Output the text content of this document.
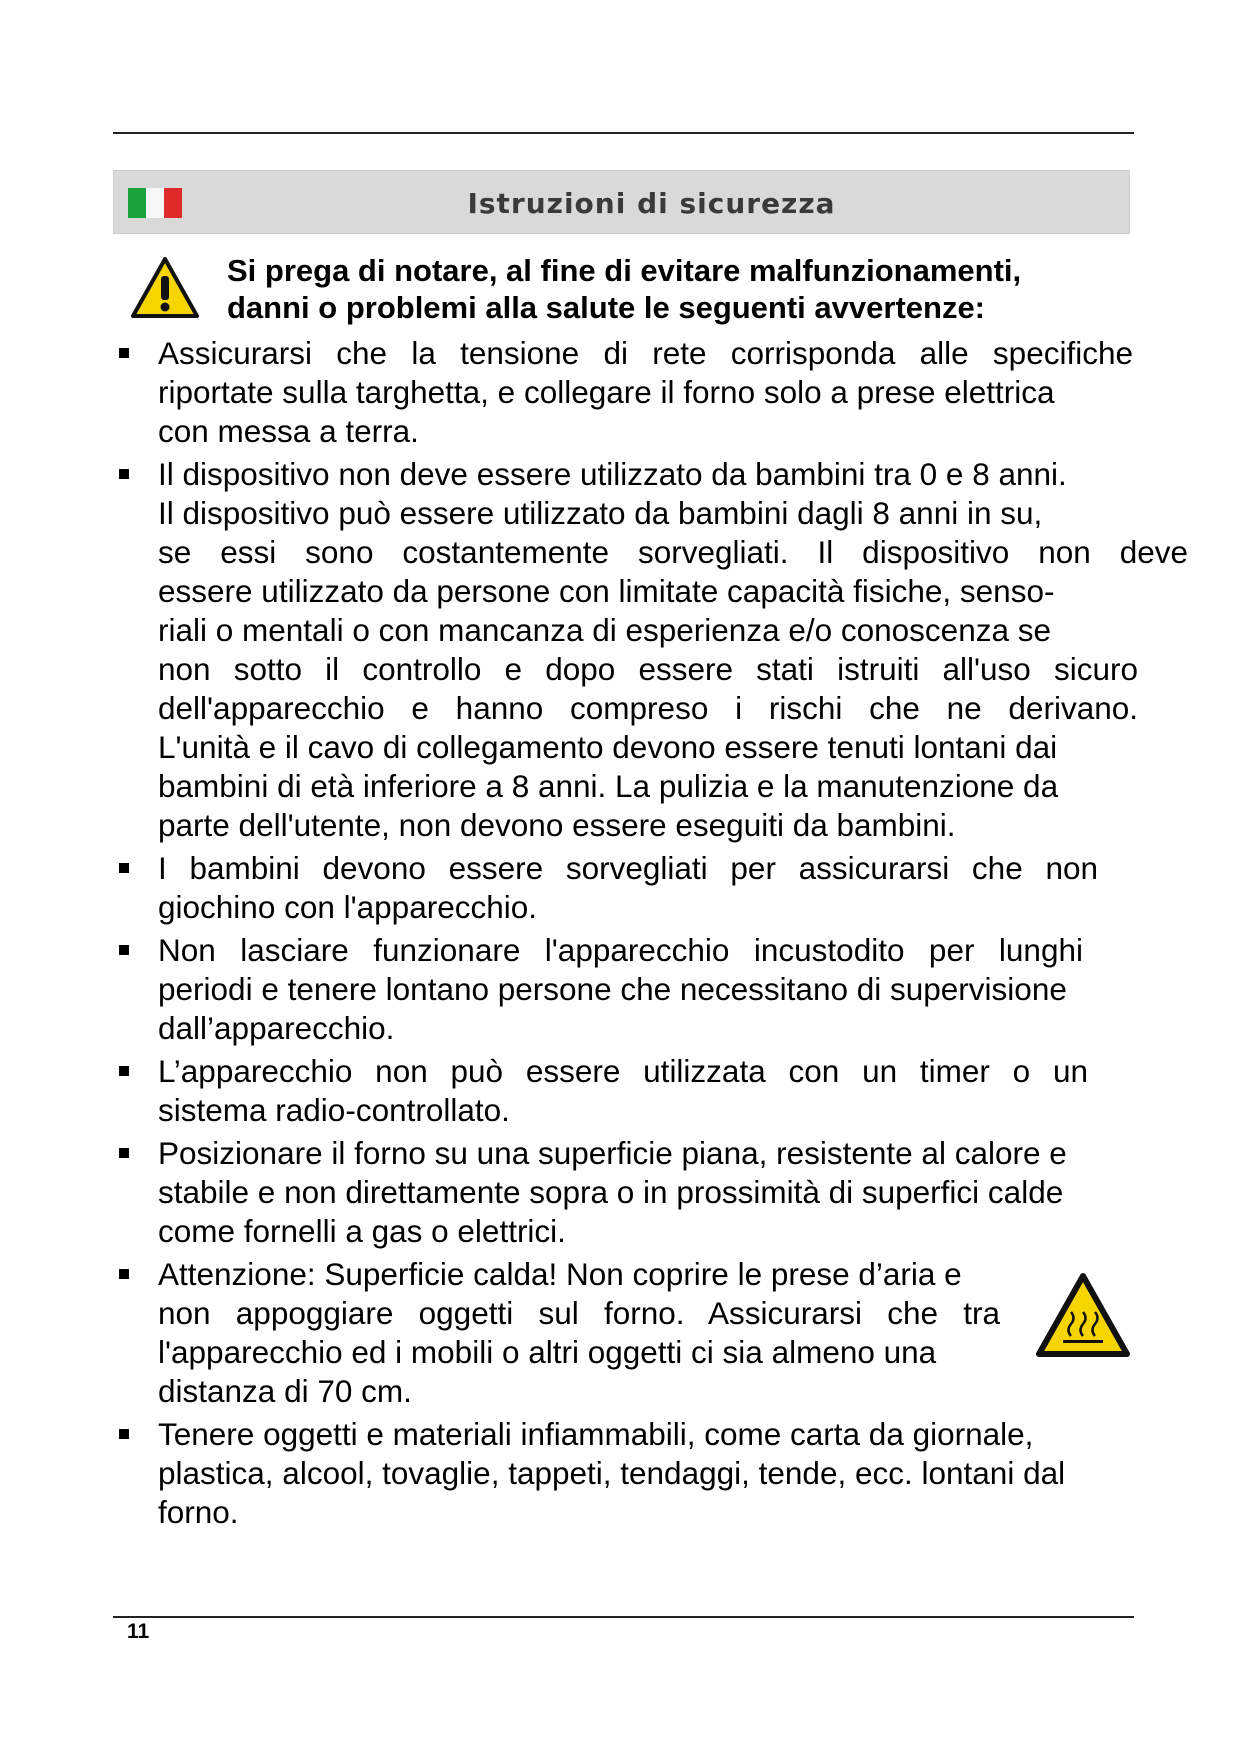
Istruzioni di sicurezza
Si prega di notare, al fine di evitare malfunzionamenti,
danni o problemi alla salute le seguenti avvertenze:
Assicurarsi che la tensione di rete corrisponda alle specifiche
riportate sulla targhetta, e collegare il forno solo a prese elettrica
con messa a terra.
Il dispositivo non deve essere utilizzato da bambini tra 0 e 8 anni.
Il dispositivo può essere utilizzato da bambini dagli 8 anni in su,
se essi sono costantemente sorvegliati. Il dispositivo non deve
essere utilizzato da persone con limitate capacità fisiche, senso-
riali o mentali o con mancanza di esperienza e/o conoscenza se
non sotto il controllo e dopo essere stati istruiti all'uso sicuro
dell'apparecchio e hanno compreso i rischi che ne derivano.
L'unità e il cavo di collegamento devono essere tenuti lontani dai
bambini di età inferiore a 8 anni. La pulizia e la manutenzione da
parte dell'utente, non devono essere eseguiti da bambini.
I bambini devono essere sorvegliati per assicurarsi che non
giochino con l'apparecchio.
Non lasciare funzionare l'apparecchio incustodito per lunghi
periodi e tenere lontano persone che necessitano di supervisione
dall’apparecchio.
L’apparecchio non può essere utilizzata con un timer o un
sistema radio-controllato.
Posizionare il forno su una superficie piana, resistente al calore e
stabile e non direttamente sopra o in prossimità di superfici calde
come fornelli a gas o elettrici.
Attenzione: Superficie calda! Non coprire le prese d’aria e
non appoggiare oggetti sul forno. Assicurarsi che tra
l'apparecchio ed i mobili o altri oggetti ci sia almeno una
distanza di 70 cm.
Tenere oggetti e materiali infiammabili, come carta da giornale,
plastica, alcool, tovaglie, tappeti, tendaggi, tende, ecc. lontani dal
forno.
11
